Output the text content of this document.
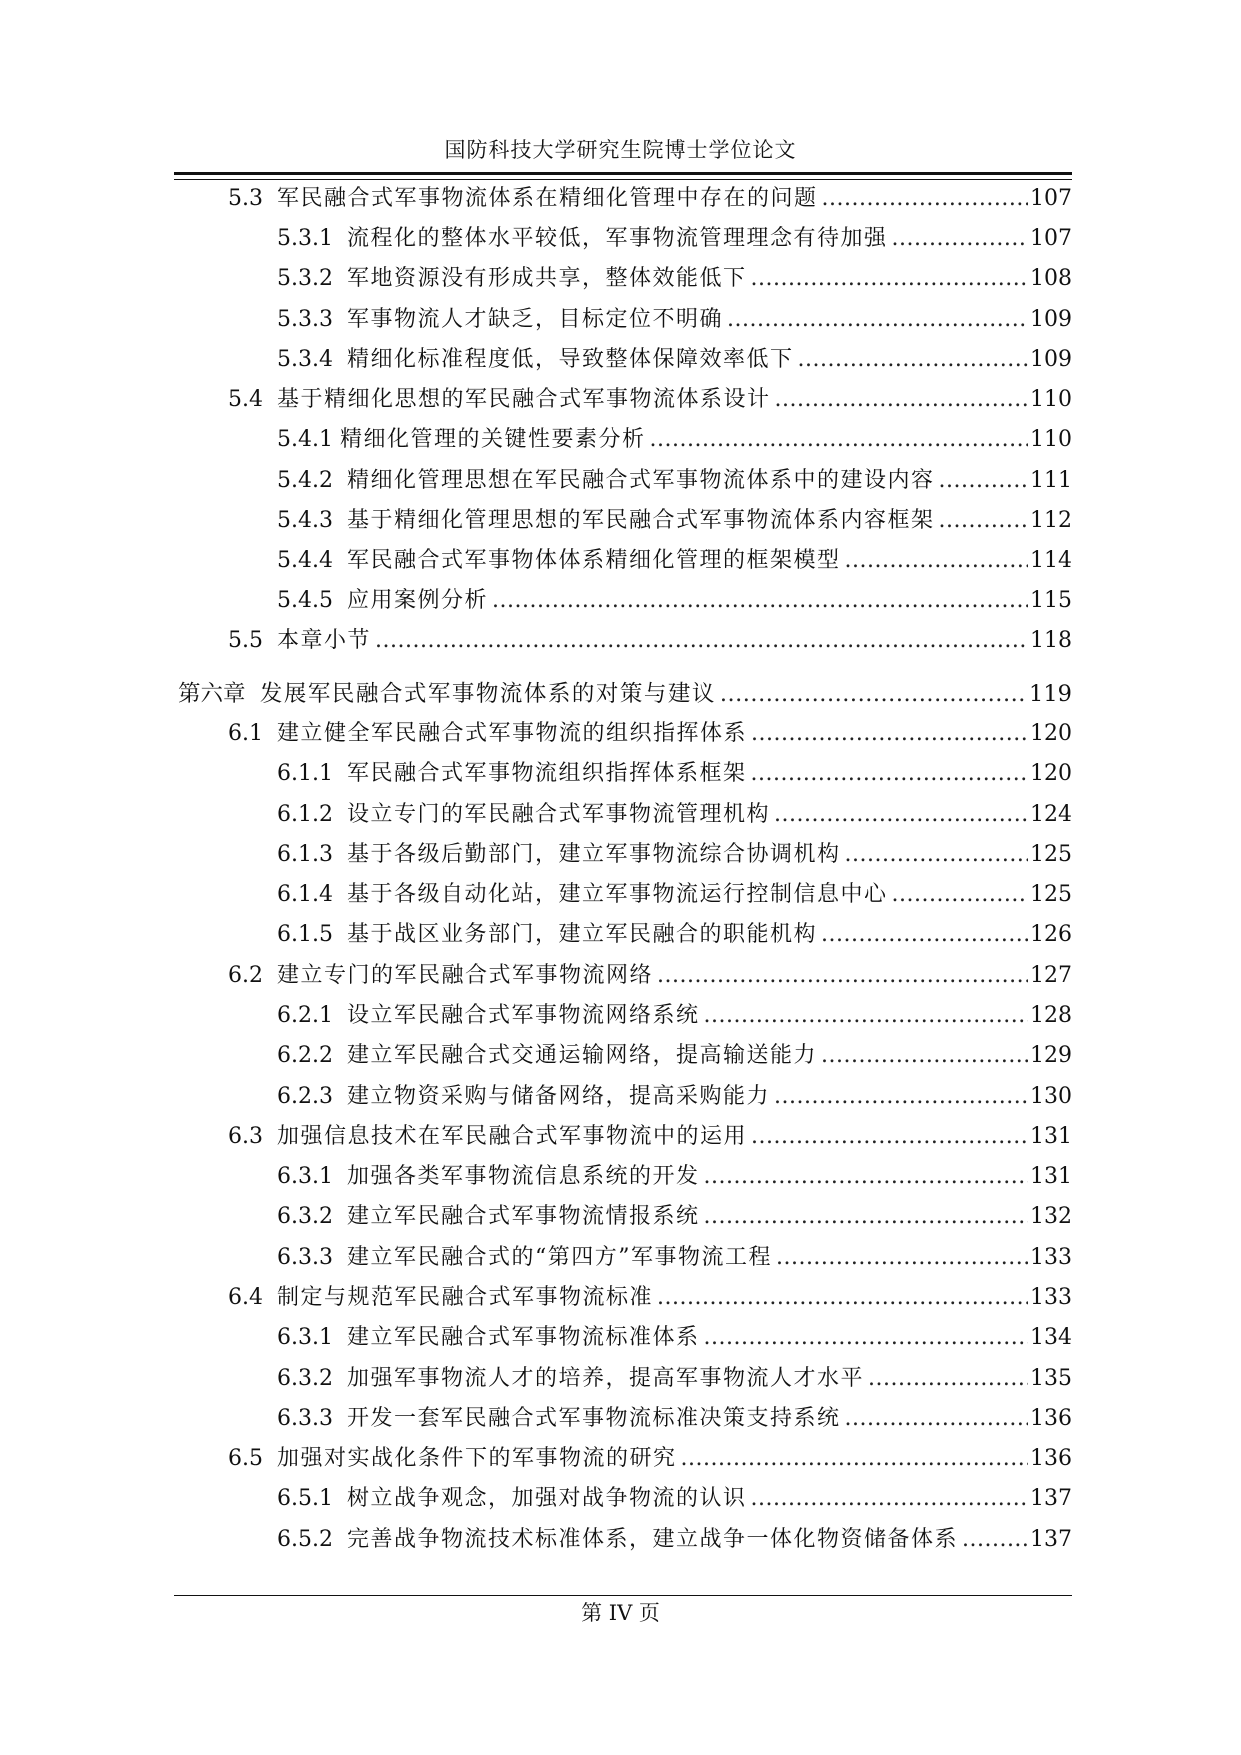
国防科技大学研究生院博士学位论文
5.3 军民融合式军事物流体系在精细化管理中存在的问题 .....	107
5.3.1 流程化的整体水平较低，军事物流管理理念有待加强 .....	107
5.3.2 军地资源没有形成共享，整体效能低下 .....	108
5.3.3 军事物流人才缺乏，目标定位不明确 .....	109
5.3.4 精细化标准程度低，导致整体保障效率低下 .....	109
5.4 基于精细化思想的军民融合式军事物流体系设计 .....	110
5.4.1 精细化管理的关键性要素分析 .....	110
5.4.2 精细化管理思想在军民融合式军事物流体系中的建设内容 .....	111
5.4.3 基于精细化管理思想的军民融合式军事物流体系内容框架 .....	112
5.4.4 军民融合式军事物体体系精细化管理的框架模型 .....	114
5.4.5 应用案例分析 .....	115
5.5 本章小节 .....	118
第六章 发展军民融合式军事物流体系的对策与建议 .....	119
6.1 建立健全军民融合式军事物流的组织指挥体系 .....	120
6.1.1 军民融合式军事物流组织指挥体系框架 .....	120
6.1.2 设立专门的军民融合式军事物流管理机构 .....	124
6.1.3 基于各级后勤部门，建立军事物流综合协调机构 .....	125
6.1.4 基于各级自动化站，建立军事物流运行控制信息中心 .....	125
6.1.5 基于战区业务部门，建立军民融合的职能机构 .....	126
6.2 建立专门的军民融合式军事物流网络 .....	127
6.2.1 设立军民融合式军事物流网络系统 .....	128
6.2.2 建立军民融合式交通运输网络，提高输送能力 .....	129
6.2.3 建立物资采购与储备网络，提高采购能力 .....	130
6.3 加强信息技术在军民融合式军事物流中的运用 .....	131
6.3.1 加强各类军事物流信息系统的开发 .....	131
6.3.2 建立军民融合式军事物流情报系统 .....	132
6.3.3 建立军民融合式的“第四方”军事物流工程 .....	133
6.4 制定与规范军民融合式军事物流标准 .....	133
6.3.1 建立军民融合式军事物流标准体系 .....	134
6.3.2 加强军事物流人才的培养，提高军事物流人才水平 .....	135
6.3.3 开发一套军民融合式军事物流标准决策支持系统 .....	136
6.5 加强对实战化条件下的军事物流的研究 .....	136
6.5.1 树立战争观念，加强对战争物流的认识 .....	137
6.5.2 完善战争物流技术标准体系，建立战争一体化物资储备体系 .....	137
第 IV 页
